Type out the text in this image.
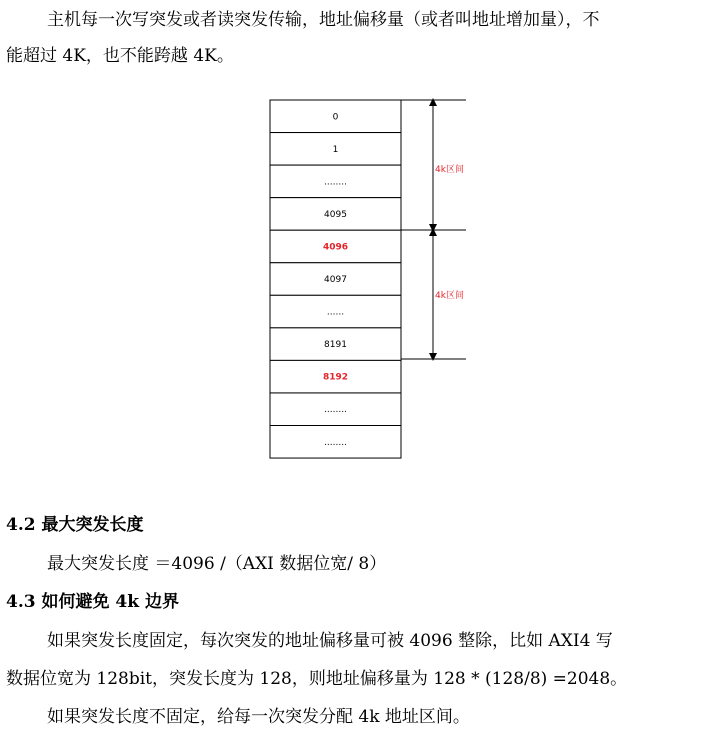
主机每一次写突发或者读突发传输，地址偏移量（或者叫地址增加量），不
能超过 4K，也不能跨越 4K。
0
1
........
4095
4096
4097
......
8191
8192
........
........
4k区间
4k区间
4.2 最大突发长度
最大突发长度 ＝4096 /（AXI 数据位宽/ 8）
4.3 如何避免 4k 边界
如果突发长度固定，每次突发的地址偏移量可被 4096 整除，比如 AXI4 写
数据位宽为 128bit，突发长度为 128，则地址偏移量为 128 * (128/8) =2048。
如果突发长度不固定，给每一次突发分配 4k 地址区间。
